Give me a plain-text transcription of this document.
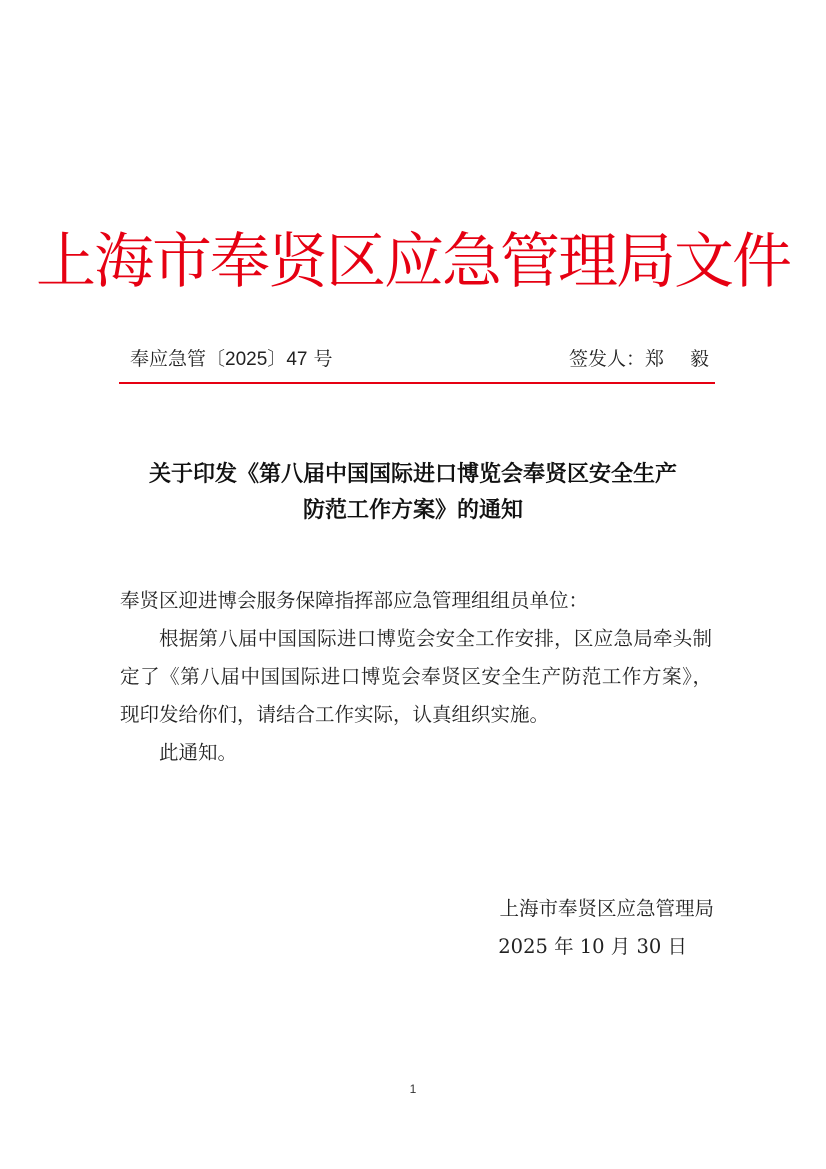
上海市奉贤区应急管理局文件
奉应急管〔2025〕47 号	签发人：郑 毅
关于印发《第八届中国国际进口博览会奉贤区安全生产
防范工作方案》的通知

奉贤区迎进博会服务保障指挥部应急管理组组员单位：

根据第八届中国国际进口博览会安全工作安排，区应急局牵头制定了《第八届中国国际进口博览会奉贤区安全生产防范工作方案》，现印发给你们，请结合工作实际，认真组织实施。

此通知。

上海市奉贤区应急管理局
2025 年 10 月 30 日
1
